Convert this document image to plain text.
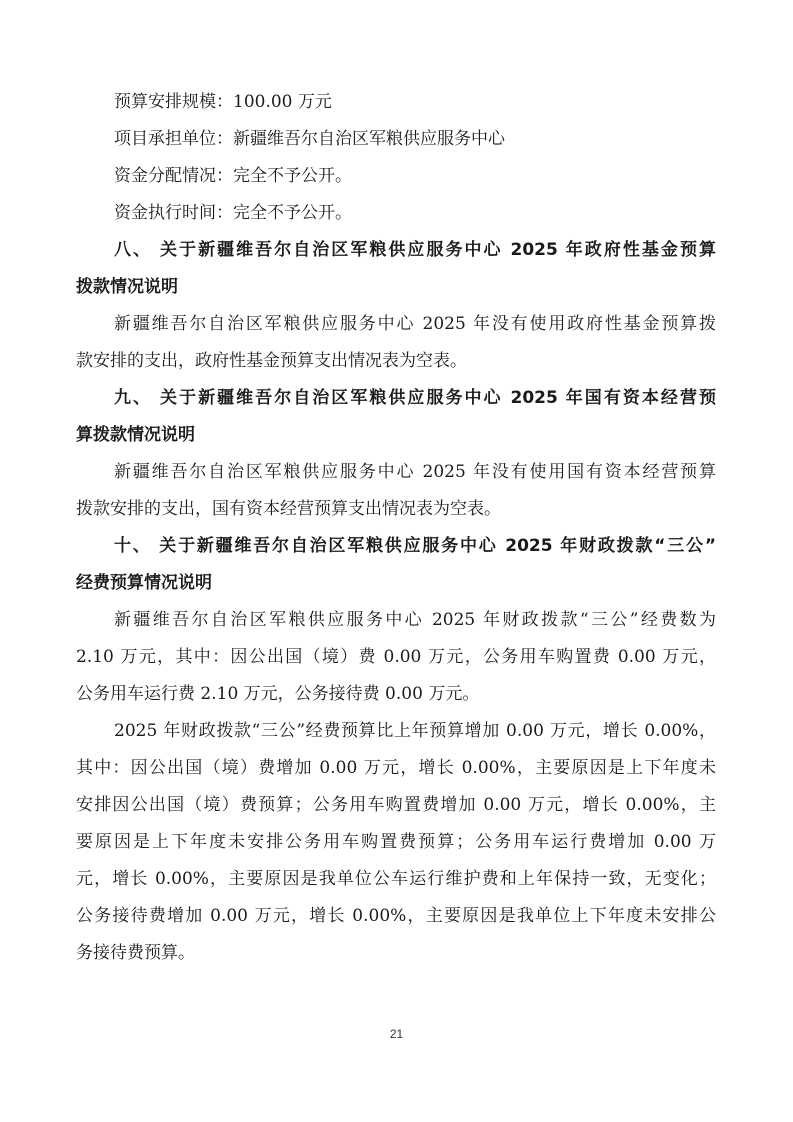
预算安排规模：100.00 万元
项目承担单位：新疆维吾尔自治区军粮供应服务中心
资金分配情况：完全不予公开。
资金执行时间：完全不予公开。
八、 关于新疆维吾尔自治区军粮供应服务中心 2025 年政府性基金预算
拨款情况说明
新疆维吾尔自治区军粮供应服务中心 2025 年没有使用政府性基金预算拨
款安排的支出，政府性基金预算支出情况表为空表。
九、 关于新疆维吾尔自治区军粮供应服务中心 2025 年国有资本经营预
算拨款情况说明
新疆维吾尔自治区军粮供应服务中心 2025 年没有使用国有资本经营预算
拨款安排的支出，国有资本经营预算支出情况表为空表。
十、 关于新疆维吾尔自治区军粮供应服务中心 2025 年财政拨款“三公”
经费预算情况说明
新疆维吾尔自治区军粮供应服务中心 2025 年财政拨款“三公”经费数为
2.10 万元，其中：因公出国（境）费 0.00 万元，公务用车购置费 0.00 万元，
公务用车运行费 2.10 万元，公务接待费 0.00 万元。
2025 年财政拨款“三公”经费预算比上年预算增加 0.00 万元，增长 0.00%，
其中：因公出国（境）费增加 0.00 万元，增长 0.00%，主要原因是上下年度未
安排因公出国（境）费预算；公务用车购置费增加 0.00 万元，增长 0.00%，主
要原因是上下年度未安排公务用车购置费预算；公务用车运行费增加 0.00 万
元，增长 0.00%，主要原因是我单位公车运行维护费和上年保持一致，无变化；
公务接待费增加 0.00 万元，增长 0.00%，主要原因是我单位上下年度未安排公
务接待费预算。
21
